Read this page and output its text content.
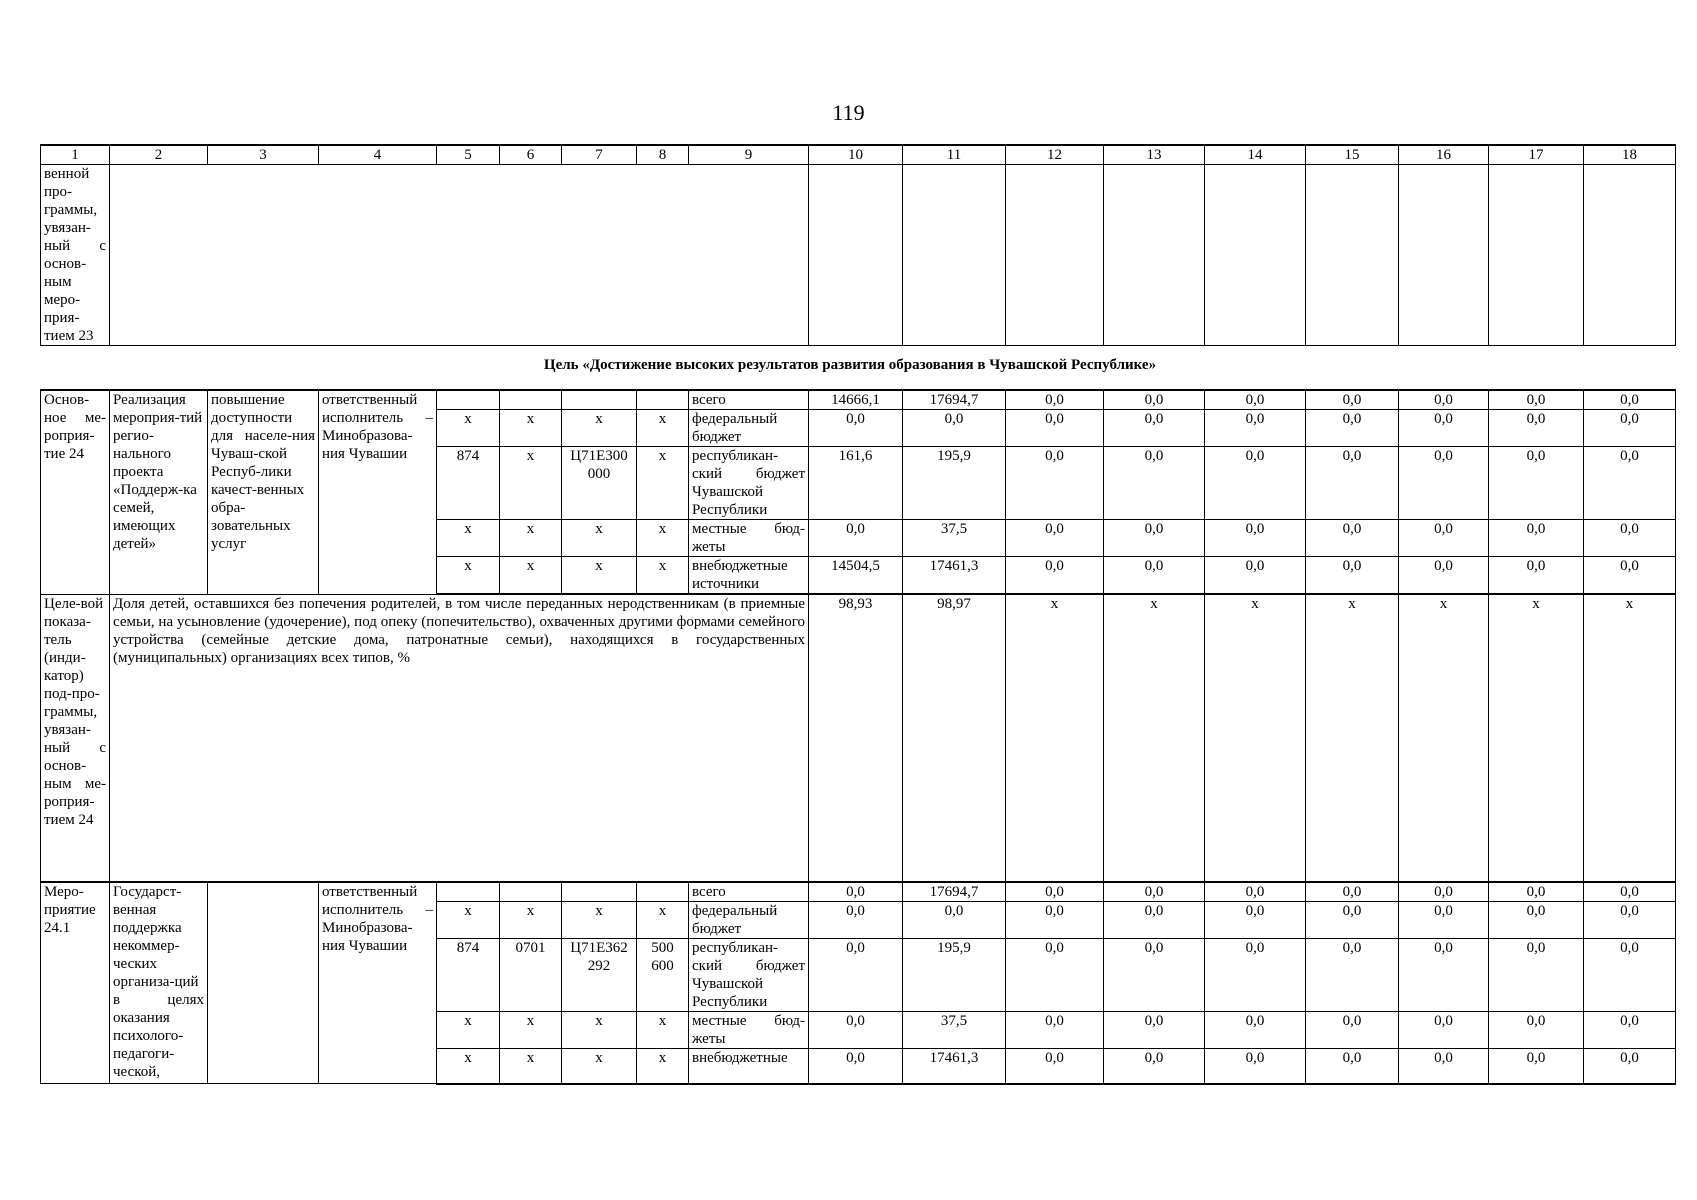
119
1	2	3	4	5	6	7	8	9	10	11	12	13	14	15	16	17	18
венной про-граммы, увязан-ный с основ-ным меро-прия-тием 23																	
Цель «Достижение высоких результатов развития образования в Чувашской Республике»
Основ-ное ме-роприя-тие 24	Реализация мероприя-тий регио-нального проекта «Поддерж-ка семей, имеющих детей»	повышение доступности для населе-ния Чуваш-ской Респуб-лики качест-венных обра-зовательных услуг	ответственный исполнитель – Минобразова-ния Чувашии					всего	14666,1	17694,7	0,0	0,0	0,0	0,0	0,0	0,0	0,0
				х	х	х	х	федеральный бюджет	0,0	0,0	0,0	0,0	0,0	0,0	0,0	0,0	0,0
				874	х	Ц71Е300 000	х	республикан-ский бюджет Чувашской Республики	161,6	195,9	0,0	0,0	0,0	0,0	0,0	0,0	0,0
				х	х	х	х	местные бюд-жеты	0,0	37,5	0,0	0,0	0,0	0,0	0,0	0,0	0,0
				х	х	х	х	внебюджетные источники	14504,5	17461,3	0,0	0,0	0,0	0,0	0,0	0,0	0,0
Целе-вой показа-тель (инди-катор) под-про-граммы, увязан-ный с основ-ным ме-роприя-тием 24	Доля детей, оставшихся без попечения родителей, в том числе переданных неродственникам (в приемные семьи, на усыновление (удочерение), под опеку (попечительство), охваченных другими формами семейного устройства (семейные детские дома, патронатные семьи), находящихся в государственных (муниципальных) организациях всех типов, %								98,93	98,97	х	х	х	х	х	х	х
Меро-приятие 24.1	Государст-венная поддержка некоммер-ческих организа-ций в целях оказания психолого-педагоги-ческой,		ответственный исполнитель – Минобразова-ния Чувашии					всего	0,0	17694,7	0,0	0,0	0,0	0,0	0,0	0,0	0,0
				х	х	х	х	федеральный бюджет	0,0	0,0	0,0	0,0	0,0	0,0	0,0	0,0	0,0
				874	0701	Ц71Е362 292	500 600	республикан-ский бюджет Чувашской Республики	0,0	195,9	0,0	0,0	0,0	0,0	0,0	0,0	0,0
				х	х	х	х	местные бюд-жеты	0,0	37,5	0,0	0,0	0,0	0,0	0,0	0,0	0,0
				х	х	х	х	внебюджетные	0,0	17461,3	0,0	0,0	0,0	0,0	0,0	0,0	0,0
